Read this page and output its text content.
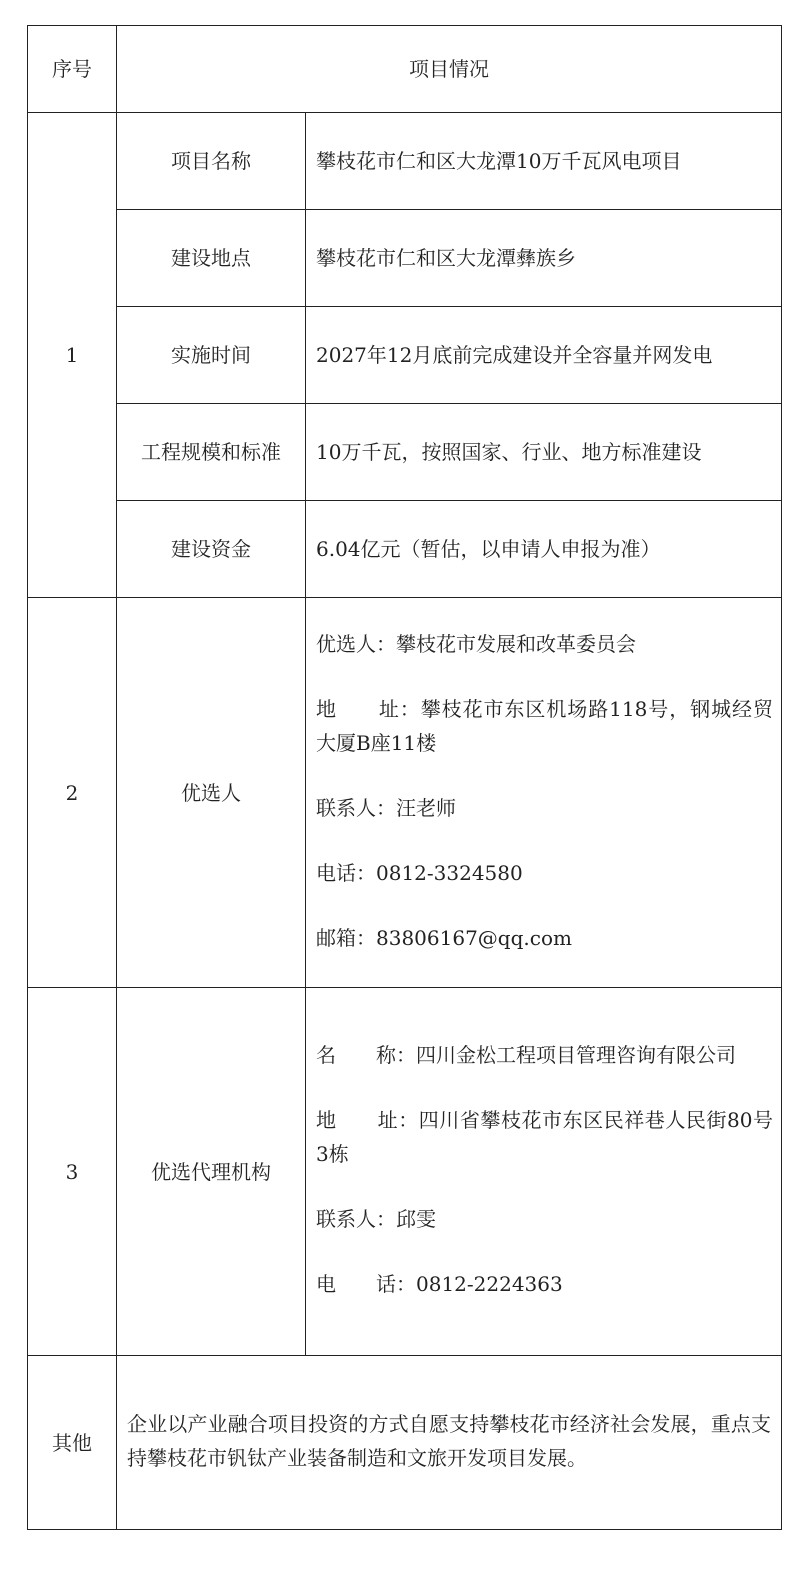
序号	项目情况	
1	项目名称	攀枝花市仁和区大龙潭10万千瓦风电项目
	建设地点	攀枝花市仁和区大龙潭彝族乡
	实施时间	2027年12月底前完成建设并全容量并网发电
	工程规模和标准	10万千瓦，按照国家、行业、地方标准建设
	建设资金	6.04亿元（暂估，以申请人申报为准）
2	优选人	优选人：攀枝花市发展和改革委员会

地　　址：攀枝花市东区机场路118号，钢城经贸大厦B座11楼

联系人：汪老师

电话：0812-3324580

邮箱：83806167@qq.com

3	优选代理机构	名　　称：四川金松工程项目管理咨询有限公司

地　　址：四川省攀枝花市东区民祥巷人民街80号3栋

联系人：邱雯

电　　话：0812-2224363

其他	企业以产业融合项目投资的方式自愿支持攀枝花市经济社会发展，重点支持攀枝花市钒钛产业装备制造和文旅开发项目发展。	
